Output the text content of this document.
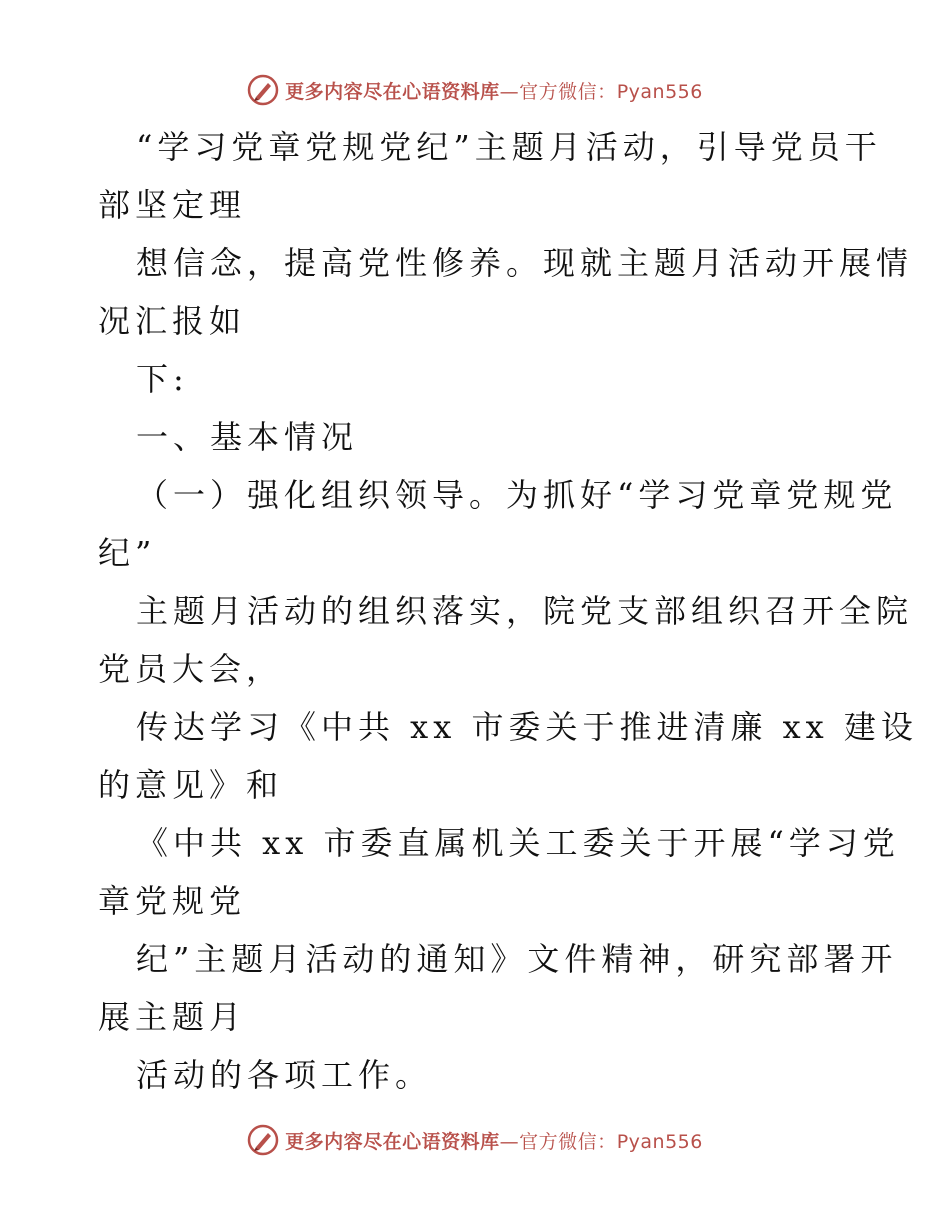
更多内容尽在心语资料库—官方微信：Pyan556

“学习党章党规党纪”主题月活动，引导党员干

部坚定理

想信念，提高党性修养。现就主题月活动开展情

况汇报如

下:

一、基本情况

（一）强化组织领导。为抓好“学习党章党规党

纪”

主题月活动的组织落实，院党支部组织召开全院

党员大会，

传达学习《中共 xx 市委关于推进清廉 xx 建设

的意见》和

《中共 xx 市委直属机关工委关于开展“学习党

章党规党

纪”主题月活动的通知》文件精神，研究部署开

展主题月

活动的各项工作。

更多内容尽在心语资料库—官方微信：Pyan556
